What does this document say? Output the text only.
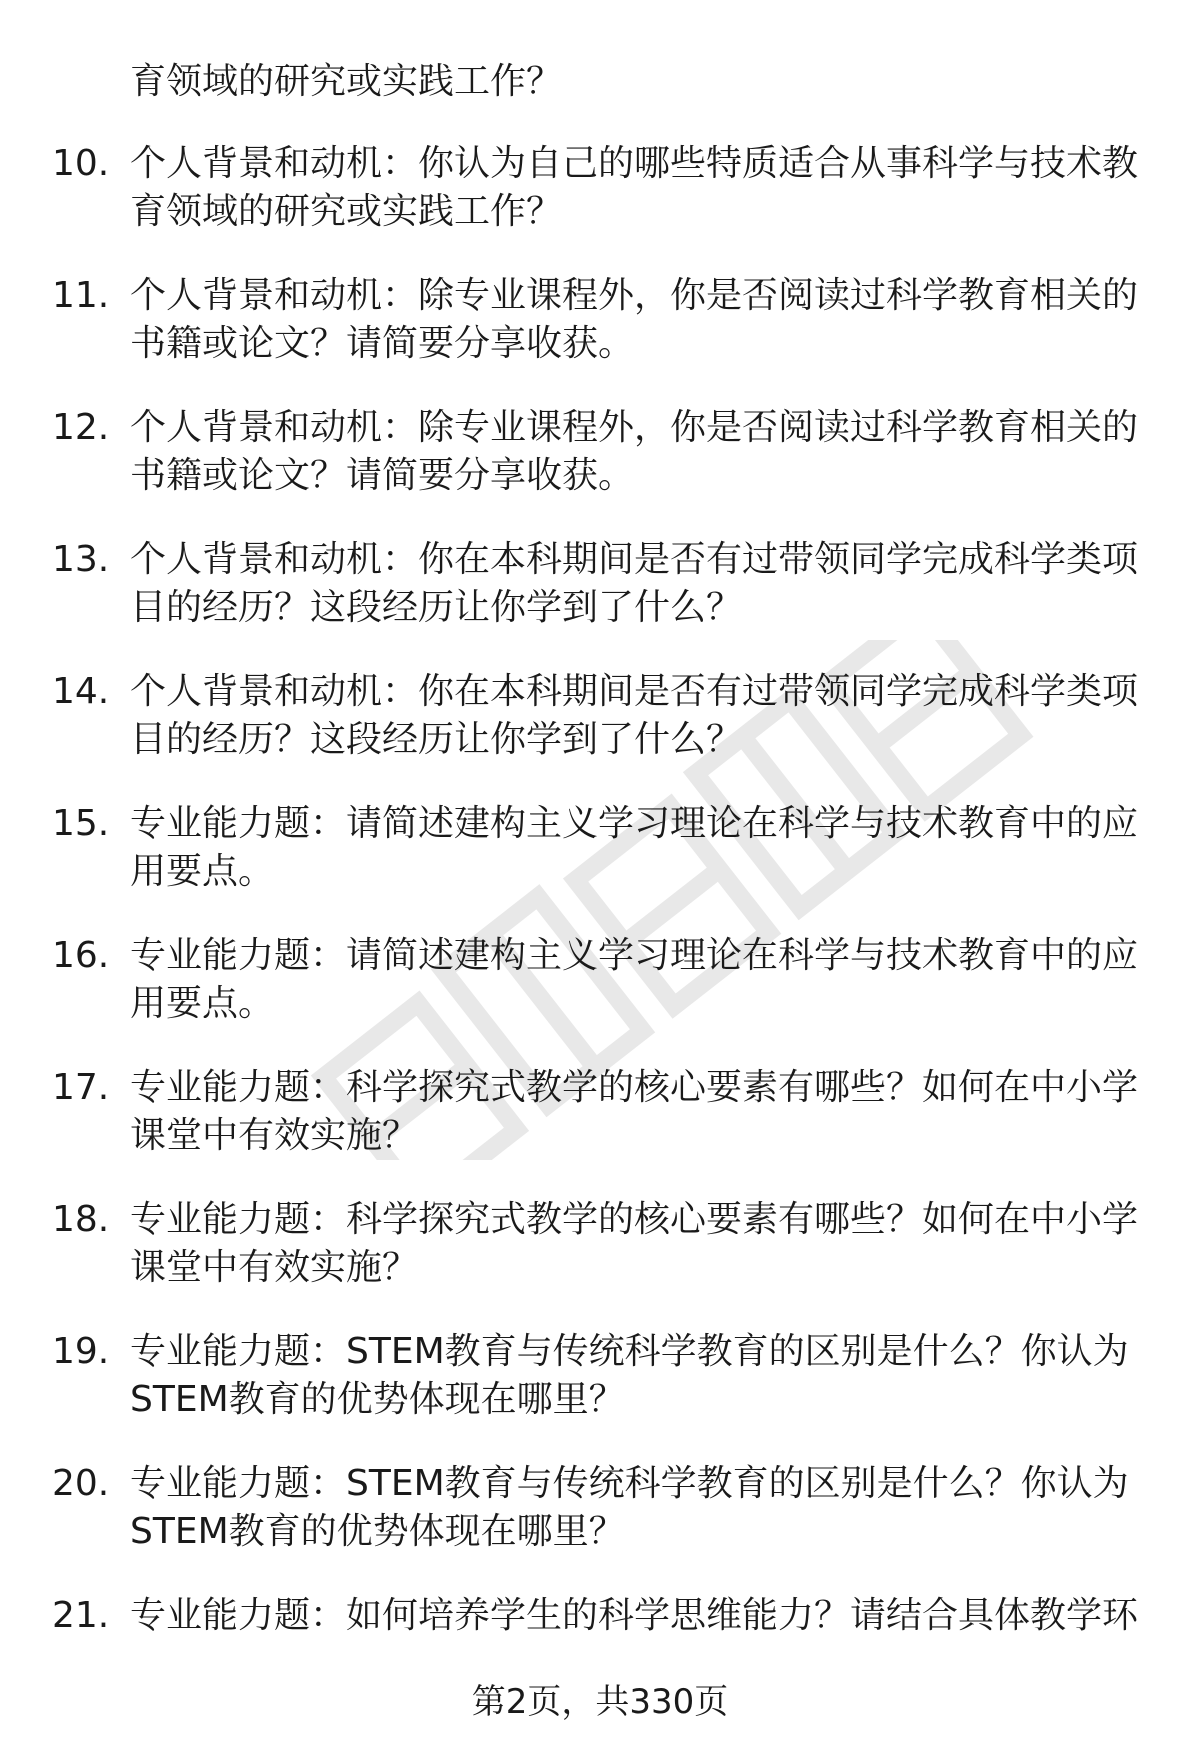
育领域的研究或实践工作？
10. 个人背景和动机：你认为自己的哪些特质适合从事科学与技术教
育领域的研究或实践工作？
11. 个人背景和动机：除专业课程外，你是否阅读过科学教育相关的
书籍或论文？请简要分享收获。
12. 个人背景和动机：除专业课程外，你是否阅读过科学教育相关的
书籍或论文？请简要分享收获。
13. 个人背景和动机：你在本科期间是否有过带领同学完成科学类项
目的经历？这段经历让你学到了什么？
14. 个人背景和动机：你在本科期间是否有过带领同学完成科学类项
目的经历？这段经历让你学到了什么？
15. 专业能力题：请简述建构主义学习理论在科学与技术教育中的应
用要点。
16. 专业能力题：请简述建构主义学习理论在科学与技术教育中的应
用要点。
17. 专业能力题：科学探究式教学的核心要素有哪些？如何在中小学
课堂中有效实施？
18. 专业能力题：科学探究式教学的核心要素有哪些？如何在中小学
课堂中有效实施？
19. 专业能力题：STEM教育与传统科学教育的区别是什么？你认为
STEM教育的优势体现在哪里？
20. 专业能力题：STEM教育与传统科学教育的区别是什么？你认为
STEM教育的优势体现在哪里？
21. 专业能力题：如何培养学生的科学思维能力？请结合具体教学环
第2页，共330页
